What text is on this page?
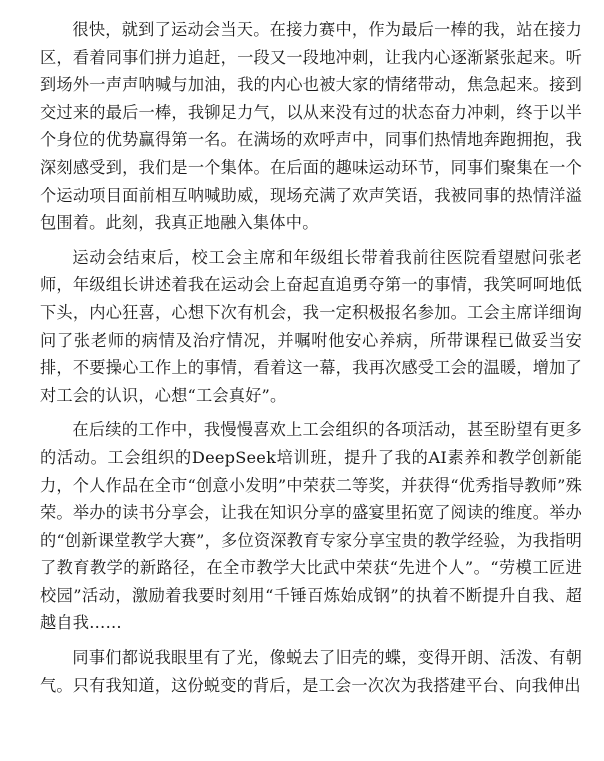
很快，就到了运动会当天。在接力赛中，作为最后一棒的我，站在接力区，看着同事们拼力追赶，一段又一段地冲刺，让我内心逐渐紧张起来。听到场外一声声呐喊与加油，我的内心也被大家的情绪带动，焦急起来。接到交过来的最后一棒，我铆足力气，以从来没有过的状态奋力冲刺，终于以半个身位的优势赢得第一名。在满场的欢呼声中，同事们热情地奔跑拥抱，我深刻感受到，我们是一个集体。在后面的趣味运动环节，同事们聚集在一个个运动项目面前相互呐喊助威，现场充满了欢声笑语，我被同事的热情洋溢包围着。此刻，我真正地融入集体中。

运动会结束后，校工会主席和年级组长带着我前往医院看望慰问张老师，年级组长讲述着我在运动会上奋起直追勇夺第一的事情，我笑呵呵地低下头，内心狂喜，心想下次有机会，我一定积极报名参加。工会主席详细询问了张老师的病情及治疗情况，并嘱咐他安心养病，所带课程已做妥当安排，不要操心工作上的事情，看着这一幕，我再次感受工会的温暖，增加了对工会的认识，心想“工会真好”。

在后续的工作中，我慢慢喜欢上工会组织的各项活动，甚至盼望有更多的活动。工会组织的DeepSeek培训班，提升了我的AI素养和教学创新能力，个人作品在全市“创意小发明”中荣获二等奖，并获得“优秀指导教师”殊荣。举办的读书分享会，让我在知识分享的盛宴里拓宽了阅读的维度。举办的“创新课堂教学大赛”，多位资深教育专家分享宝贵的教学经验，为我指明了教育教学的新路径，在全市教学大比武中荣获“先进个人”。“劳模工匠进校园”活动，激励着我要时刻用“千锤百炼始成钢”的执着不断提升自我、超越自我……

同事们都说我眼里有了光，像蜕去了旧壳的蝶，变得开朗、活泼、有朝气。只有我知道，这份蜕变的背后，是工会一次次为我搭建平台、向我伸出
